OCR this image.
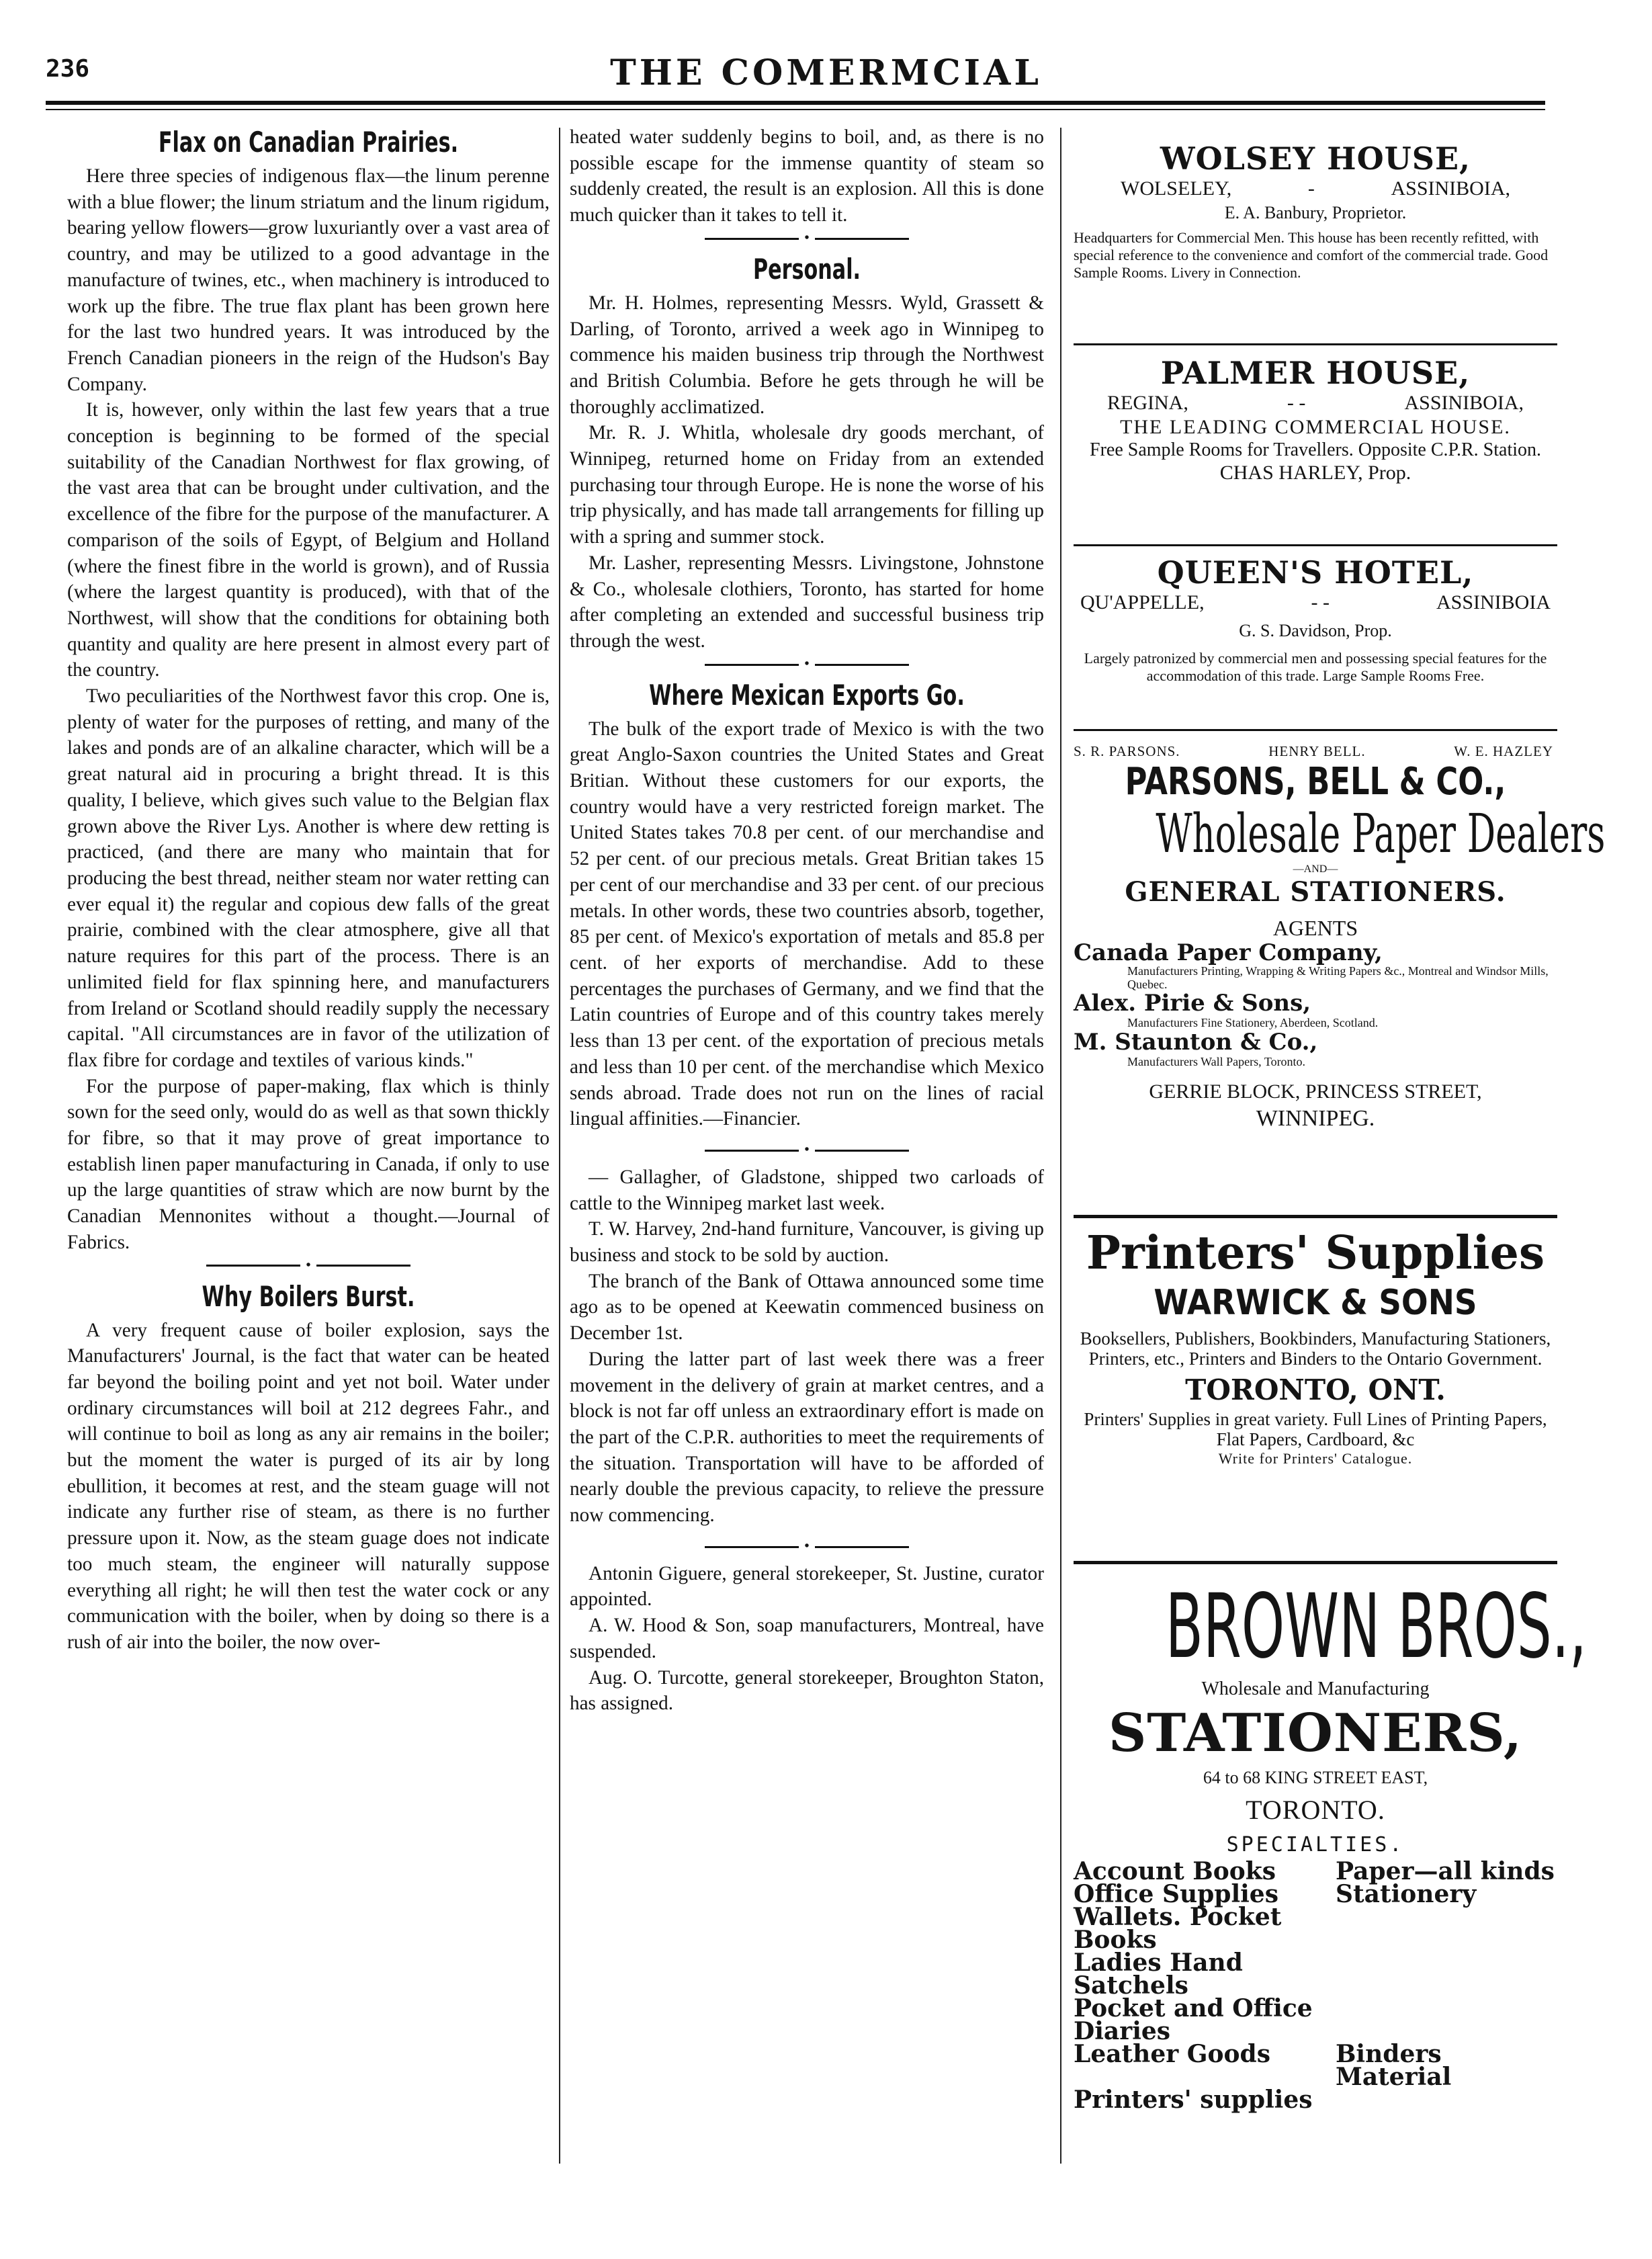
236	THE COMERMCIAL
Flax on Canadian Prairies.

Here three species of indigenous flax—the linum perenne with a blue flower; the linum striatum and the linum rigidum, bearing yellow flowers—grow luxuriantly over a vast area of country, and may be utilized to a good advantage in the manufacture of twines, etc., when machinery is introduced to work up the fibre. The true flax plant has been grown here for the last two hundred years. It was introduced by the French Canadian pioneers in the reign of the Hudson's Bay Company.

It is, however, only within the last few years that a true conception is beginning to be formed of the special suitability of the Canadian Northwest for flax growing, of the vast area that can be brought under cultivation, and the excellence of the fibre for the purpose of the manufacturer. A comparison of the soils of Egypt, of Belgium and Holland (where the finest fibre in the world is grown), and of Russia (where the largest quantity is produced), with that of the Northwest, will show that the conditions for obtaining both quantity and quality are here present in almost every part of the country.

Two peculiarities of the Northwest favor this crop. One is, plenty of water for the purposes of retting, and many of the lakes and ponds are of an alkaline character, which will be a great natural aid in procuring a bright thread. It is this quality, I believe, which gives such value to the Belgian flax grown above the River Lys. Another is where dew retting is practiced, (and there are many who maintain that for producing the best thread, neither steam nor water retting can ever equal it) the regular and copious dew falls of the great prairie, combined with the clear atmosphere, give all that nature requires for this part of the process. There is an unlimited field for flax spinning here, and manufacturers from Ireland or Scotland should readily supply the necessary capital. "All circumstances are in favor of the utilization of flax fibre for cordage and textiles of various kinds."

For the purpose of paper-making, flax which is thinly sown for the seed only, would do as well as that sown thickly for fibre, so that it may prove of great importance to establish linen paper manufacturing in Canada, if only to use up the large quantities of straw which are now burnt by the Canadian Mennonites without a thought.—Journal of Fabrics.

•
Why Boilers Burst.

A very frequent cause of boiler explosion, says the Manufacturers' Journal, is the fact that water can be heated far beyond the boiling point and yet not boil. Water under ordinary circumstances will boil at 212 degrees Fahr., and will continue to boil as long as any air remains in the boiler; but the moment the water is purged of its air by long ebullition, it becomes at rest, and the steam guage will not indicate any further rise of steam, as there is no further pressure upon it. Now, as the steam guage does not indicate too much steam, the engineer will naturally suppose everything all right; he will then test the water cock or any communication with the boiler, when by doing so there is a rush of air into the boiler, the now over-

heated water suddenly begins to boil, and, as there is no possible escape for the immense quantity of steam so suddenly created, the result is an explosion. All this is done much quicker than it takes to tell it.

•
Personal.

Mr. H. Holmes, representing Messrs. Wyld, Grassett & Darling, of Toronto, arrived a week ago in Winnipeg to commence his maiden business trip through the Northwest and British Columbia. Before he gets through he will be thoroughly acclimatized.

Mr. R. J. Whitla, wholesale dry goods merchant, of Winnipeg, returned home on Friday from an extended purchasing tour through Europe. He is none the worse of his trip physically, and has made tall arrangements for filling up with a spring and summer stock.

Mr. Lasher, representing Messrs. Livingstone, Johnstone & Co., wholesale clothiers, Toronto, has started for home after completing an extended and successful business trip through the west.

•
Where Mexican Exports Go.

The bulk of the export trade of Mexico is with the two great Anglo-Saxon countries the United States and Great Britian. Without these customers for our exports, the country would have a very restricted foreign market. The United States takes 70.8 per cent. of our merchandise and 52 per cent. of our precious metals. Great Britian takes 15 per cent of our merchandise and 33 per cent. of our precious metals. In other words, these two countries absorb, together, 85 per cent. of Mexico's exportation of metals and 85.8 per cent. of her exports of merchandise. Add to these percentages the purchases of Germany, and we find that the Latin countries of Europe and of this country takes merely less than 13 per cent. of the exportation of precious metals and less than 10 per cent. of the merchandise which Mexico sends abroad. Trade does not run on the lines of racial lingual affinities.—Financier.

•

— Gallagher, of Gladstone, shipped two carloads of cattle to the Winnipeg market last week.

T. W. Harvey, 2nd-hand furniture, Vancouver, is giving up business and stock to be sold by auction.

The branch of the Bank of Ottawa announced some time ago as to be opened at Keewatin commenced business on December 1st.

During the latter part of last week there was a freer movement in the delivery of grain at market centres, and a block is not far off unless an extraordinary effort is made on the part of the C.P.R. authorities to meet the requirements of the situation. Transportation will have to be afforded of nearly double the previous capacity, to relieve the pressure now commencing.

•

Antonin Giguere, general storekeeper, St. Justine, curator appointed.

A. W. Hood & Son, soap manufacturers, Montreal, have suspended.

Aug. O. Turcotte, general storekeeper, Broughton Staton, has assigned.

WOLSEY HOUSE,
WOLSELEY,	-	ASSINIBOIA,
E. A. Banbury, Proprietor.
Headquarters for Commercial Men. This house has been recently refitted, with special reference to the convenience and comfort of the commercial trade. Good Sample Rooms. Livery in Connection.
PALMER HOUSE,
REGINA,	- -	ASSINIBOIA,
THE LEADING COMMERCIAL HOUSE.
Free Sample Rooms for Travellers. Opposite C.P.R. Station.
CHAS HARLEY, Prop.
QUEEN'S HOTEL,
QU'APPELLE,	- -	ASSINIBOIA
G. S. Davidson, Prop.
Largely patronized by commercial men and possessing special features for the accommodation of this trade. Large Sample Rooms Free.
S. R. PARSONS.	HENRY BELL.	W. E. HAZLEY
PARSONS, BELL & CO.,
Wholesale Paper Dealers
—AND—
GENERAL STATIONERS.
AGENTS
Canada Paper Company,
Manufacturers Printing, Wrapping & Writing Papers &c., Montreal and Windsor Mills, Quebec.
Alex. Pirie & Sons,
Manufacturers Fine Stationery, Aberdeen, Scotland.
M. Staunton & Co.,
Manufacturers Wall Papers, Toronto.
GERRIE BLOCK, PRINCESS STREET,
WINNIPEG.
Printers' Supplies
WARWICK & SONS
Booksellers, Publishers, Bookbinders, Manufacturing Stationers, Printers, etc., Printers and Binders to the Ontario Government.
TORONTO, ONT.
Printers' Supplies in great variety. Full Lines of Printing Papers, Flat Papers, Cardboard, &c
Write for Printers' Catalogue.
BROWN BROS.,
Wholesale and Manufacturing
STATIONERS,
64 to 68 KING STREET EAST,
TORONTO.
SPECIALTIES.
Account Books	Paper—all kinds
Office Supplies	Stationery
Wallets. Pocket Books
Ladies Hand Satchels
Pocket and Office Diaries
Leather Goods	Binders Material
Printers' supplies
